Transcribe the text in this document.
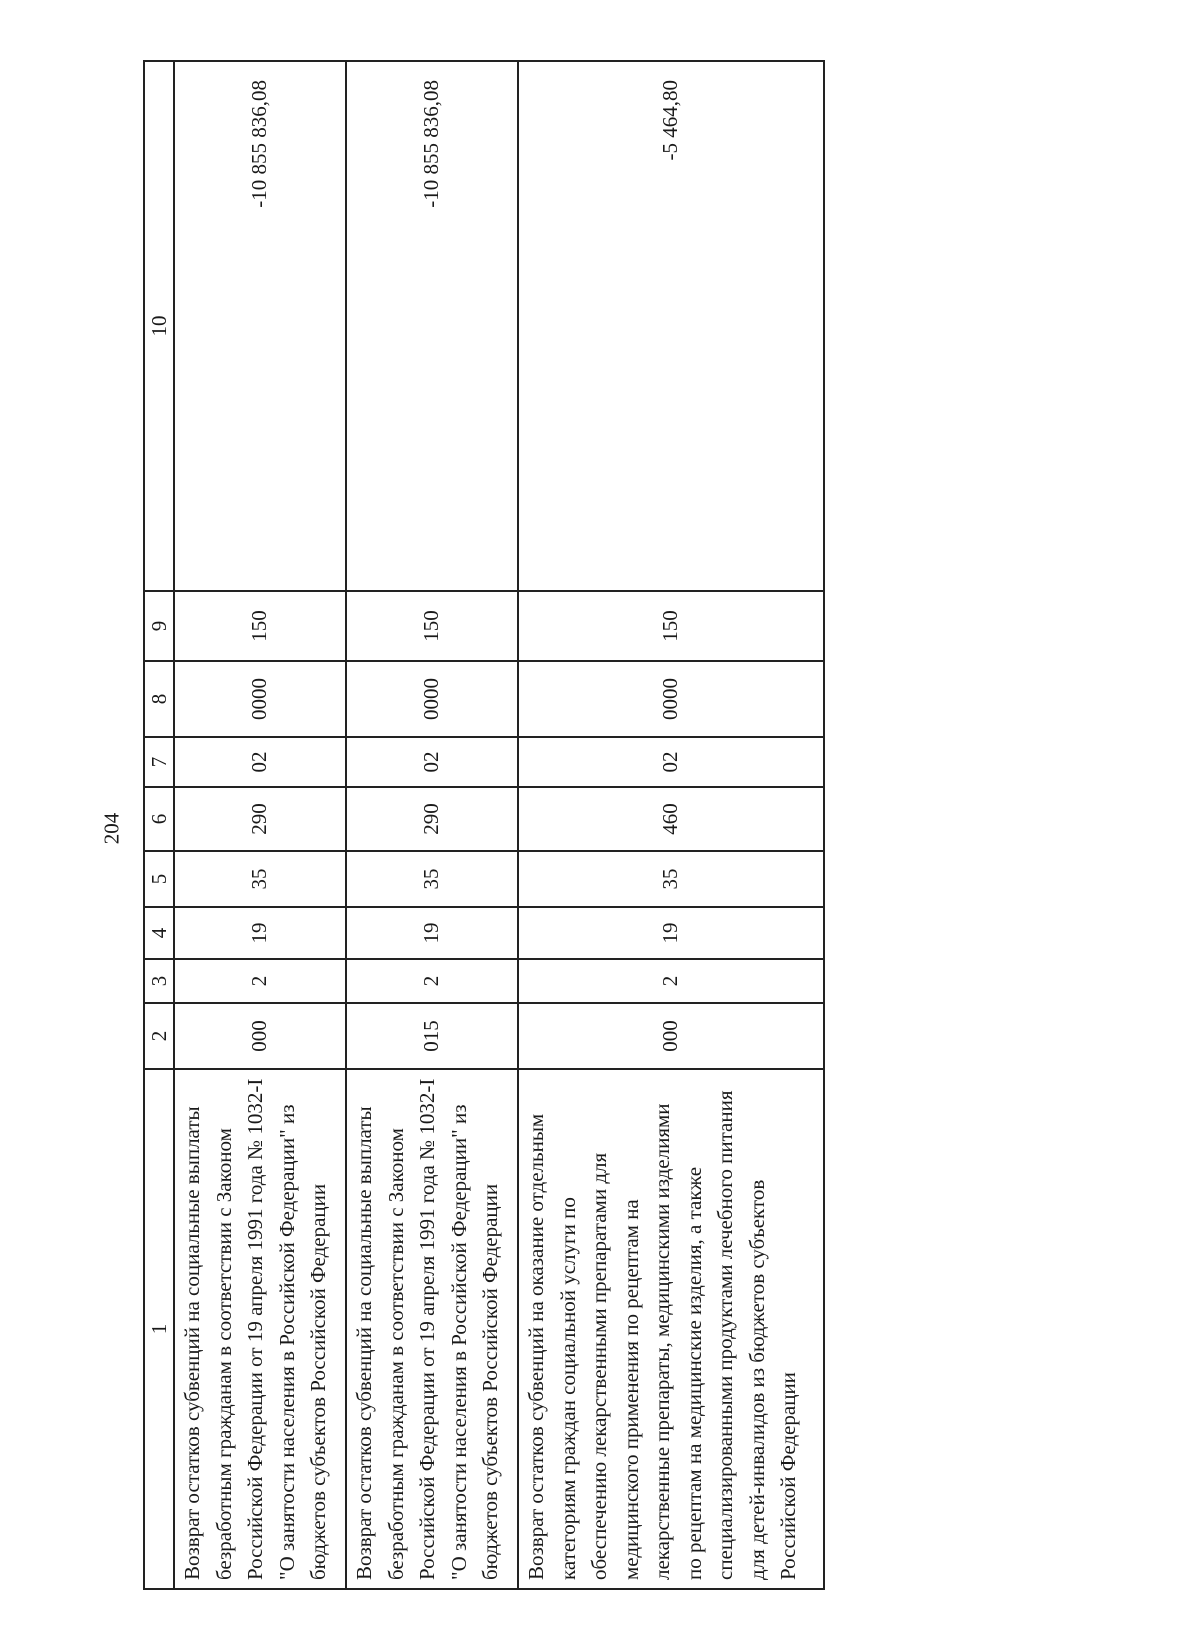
204
1	2	3	4	5	6	7	8	9	10
Возврат остатков субвенций на социальные выплаты безработным гражданам в соответствии с Законом Российской Федерации от 19 апреля 1991 года № 1032-I "О занятости населения в Российской Федерации" из бюджетов субъектов Российской Федерации	000	2	19	35	290	02	0000	150	-10 855 836,08
Возврат остатков субвенций на социальные выплаты безработным гражданам в соответствии с Законом Российской Федерации от 19 апреля 1991 года № 1032-I "О занятости населения в Российской Федерации" из бюджетов субъектов Российской Федерации	015	2	19	35	290	02	0000	150	-10 855 836,08
Возврат остатков субвенций на оказание отдельным категориям граждан социальной услуги по обеспечению лекарственными препаратами для медицинского применения по рецептам на лекарственные препараты, медицинскими изделиями по рецептам на медицинские изделия, а также специализированными продуктами лечебного питания для детей-инвалидов из бюджетов субъектов Российской Федерации	000	2	19	35	460	02	0000	150	-5 464,80
